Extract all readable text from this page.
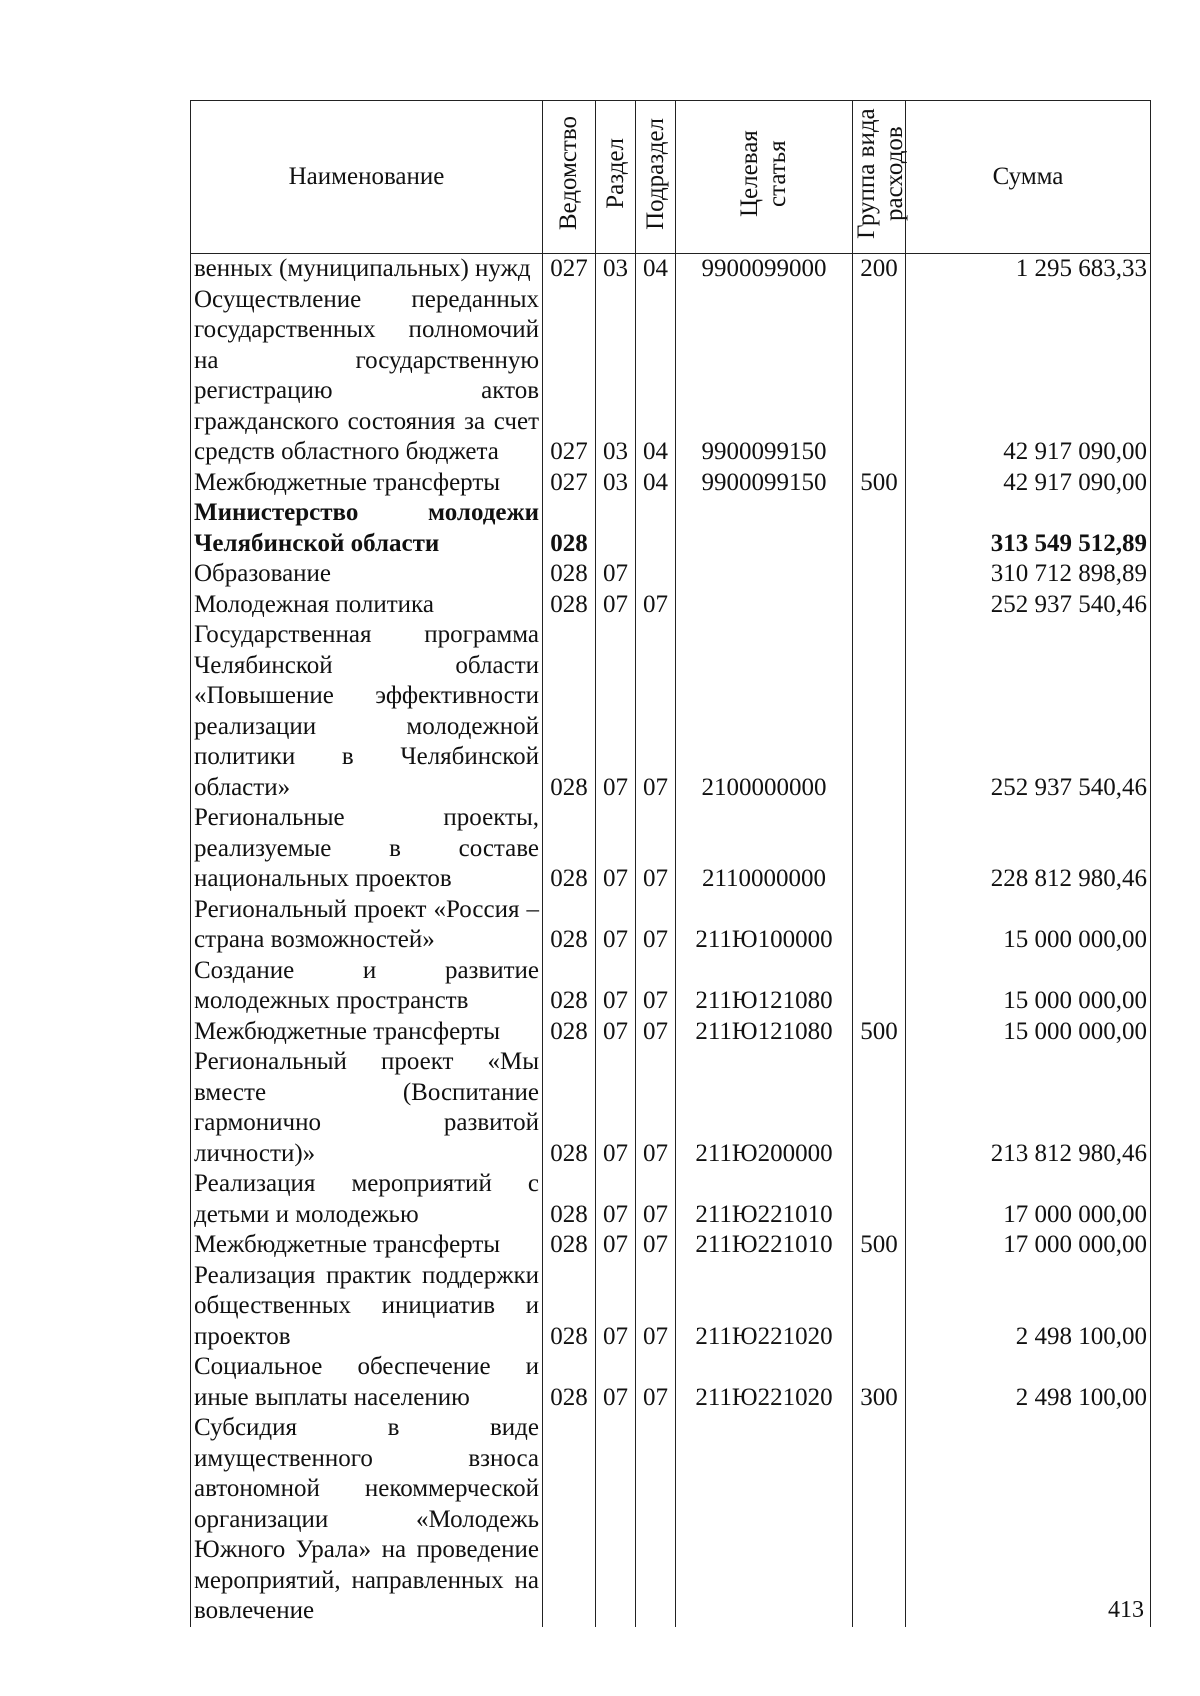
Наименование	Ведомство	Раздел	Подраздел	Целевая статья	Группа вида расходов	Сумма
венных (муниципальных) нужд	027	03	04	9900099000	200	1 295 683,33
Осуществление переданных государственных полномочий на государственную регистрацию актов гражданского состояния за счет средств областного бюджета	027	03	04	9900099150		42 917 090,00
Межбюджетные трансферты	027	03	04	9900099150	500	42 917 090,00
Министерство молодежи Челябинской области	028					313 549 512,89
Образование	028	07				310 712 898,89
Молодежная политика	028	07	07			252 937 540,46
Государственная программа Челябинской области «Повышение эффективности реализации молодежной политики в Челябинской области»	028	07	07	2100000000		252 937 540,46
Региональные проекты, реализуемые в составе национальных проектов	028	07	07	2110000000		228 812 980,46
Региональный проект «Россия – страна возможностей»	028	07	07	211Ю100000		15 000 000,00
Создание и развитие молодежных пространств	028	07	07	211Ю121080		15 000 000,00
Межбюджетные трансферты	028	07	07	211Ю121080	500	15 000 000,00
Региональный проект «Мы вместе (Воспитание гармонично развитой личности)»	028	07	07	211Ю200000		213 812 980,46
Реализация мероприятий с детьми и молодежью	028	07	07	211Ю221010		17 000 000,00
Межбюджетные трансферты	028	07	07	211Ю221010	500	17 000 000,00
Реализация практик поддержки общественных инициатив и проектов	028	07	07	211Ю221020		2 498 100,00
Социальное обеспечение и иные выплаты населению	028	07	07	211Ю221020	300	2 498 100,00
Субсидия в виде имущественного взноса автономной некоммерческой организации «Молодежь Южного Урала» на проведение мероприятий, направленных на вовлечение							413
